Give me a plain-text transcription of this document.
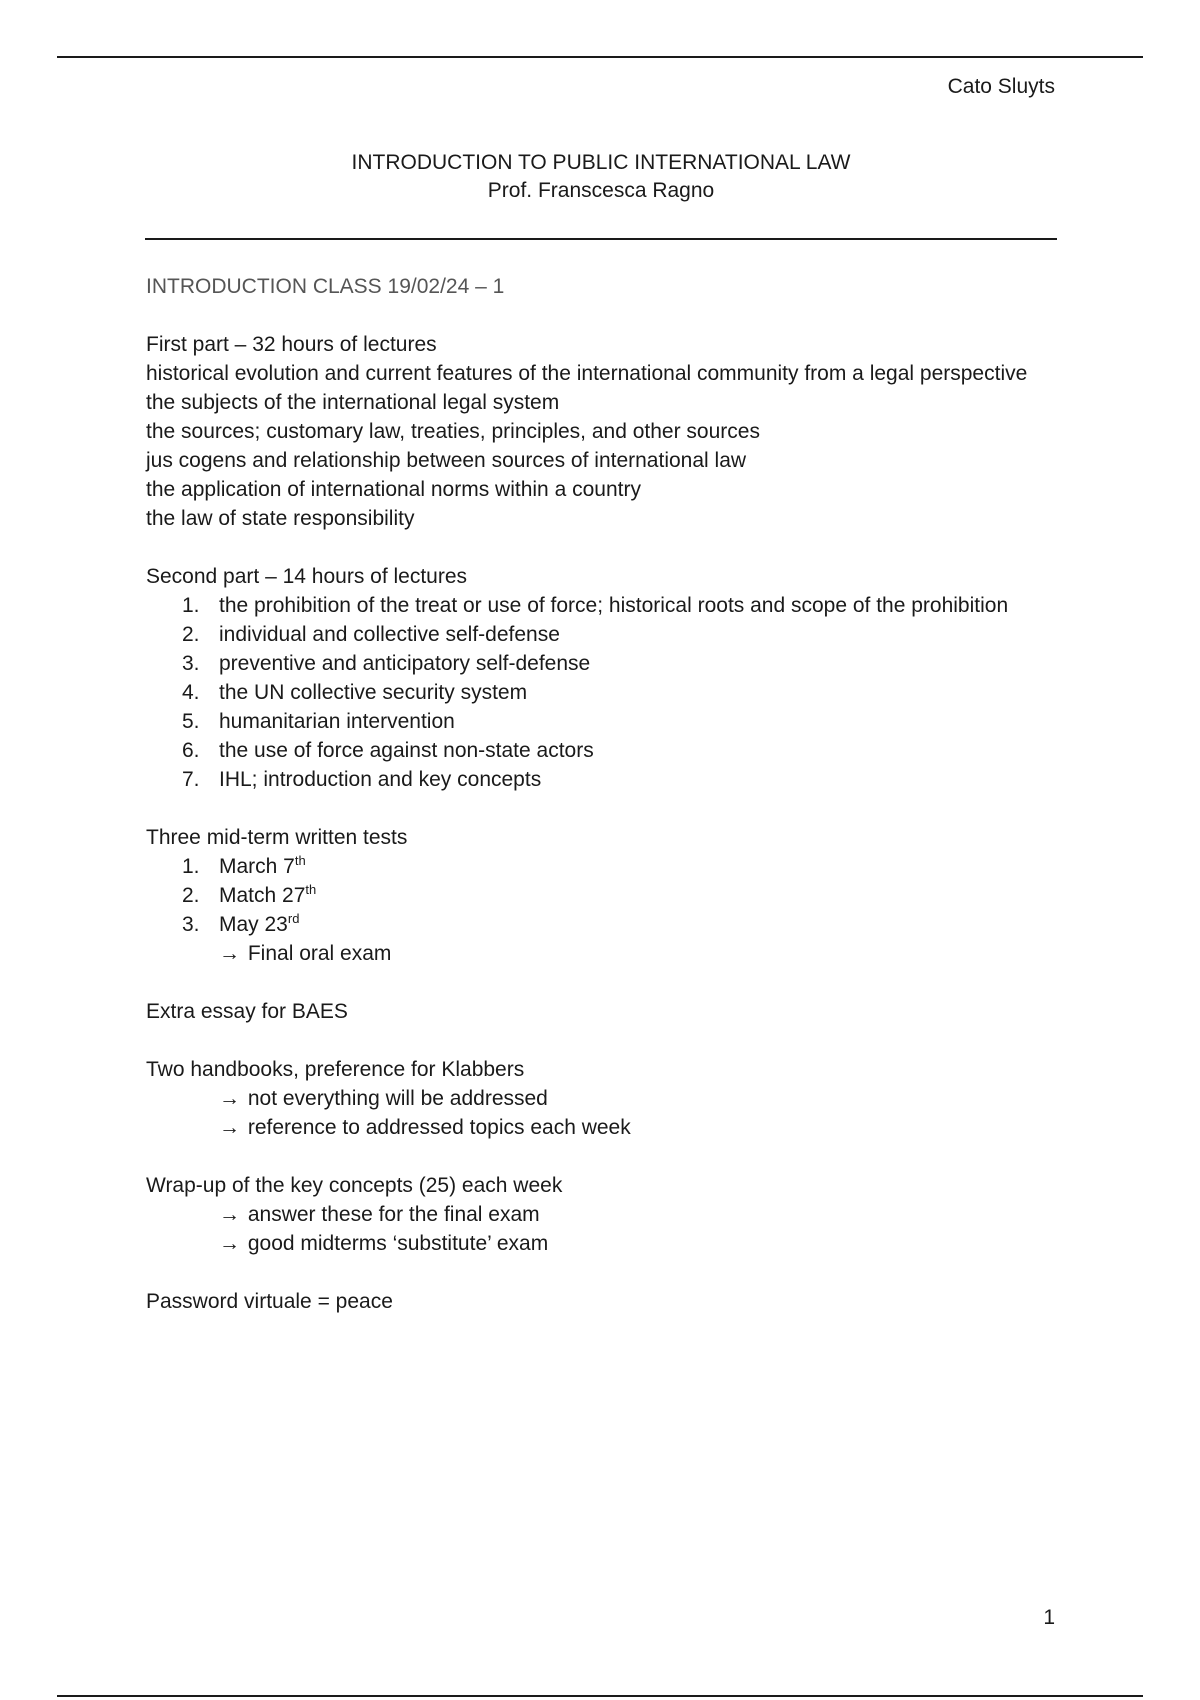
Cato Sluyts
INTRODUCTION TO PUBLIC INTERNATIONAL LAW
Prof. Franscesca Ragno

INTRODUCTION CLASS 19/02/24 – 1

First part – 32 hours of lectures

historical evolution and current features of the international community from a legal perspective

the subjects of the international legal system

the sources; customary law, treaties, principles, and other sources

jus cogens and relationship between sources of international law

the application of international norms within a country

the law of state responsibility

Second part – 14 hours of lectures

1. the prohibition of the treat or use of force; historical roots and scope of the prohibition
2. individual and collective self-defense
3. preventive and anticipatory self-defense
4. the UN collective security system
5. humanitarian intervention
6. the use of force against non-state actors
7. IHL; introduction and key concepts

Three mid-term written tests

1. March 7th
2. Match 27th
3. May 23rd

→ Final oral exam

Extra essay for BAES

Two handbooks, preference for Klabbers

→ not everything will be addressed

→ reference to addressed topics each week

Wrap-up of the key concepts (25) each week

→ answer these for the final exam

→ good midterms ‘substitute’ exam

Password virtuale = peace

1
